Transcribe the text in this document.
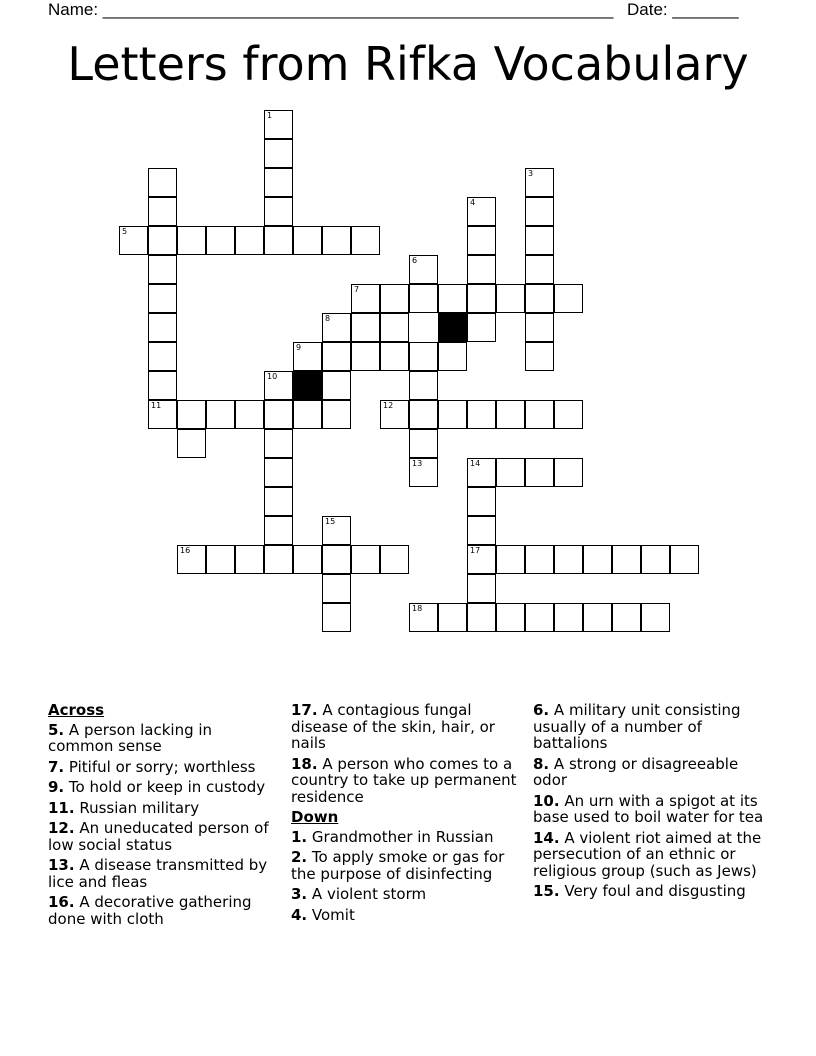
Name: ______________________________________________________ Date: _______
Letters from Rifka Vocabulary
1
3
4
5
6
7
8
9
10
11	12
13	14
15
16	17
18
Across
5. A person lacking in common sense
7. Pitiful or sorry; worthless
9. To hold or keep in custody
11. Russian military
12. An uneducated person of low social status
13. A disease transmitted by lice and fleas
16. A decorative gathering done with cloth
17. A contagious fungal disease of the skin, hair, or nails
18. A person who comes to a country to take up permanent residence
Down
1. Grandmother in Russian
2. To apply smoke or gas for the purpose of disinfecting
3. A violent storm
4. Vomit
6. A military unit consisting usually of a number of battalions
8. A strong or disagreeable odor
10. An urn with a spigot at its base used to boil water for tea
14. A violent riot aimed at the persecution of an ethnic or religious group (such as Jews)
15. Very foul and disgusting
